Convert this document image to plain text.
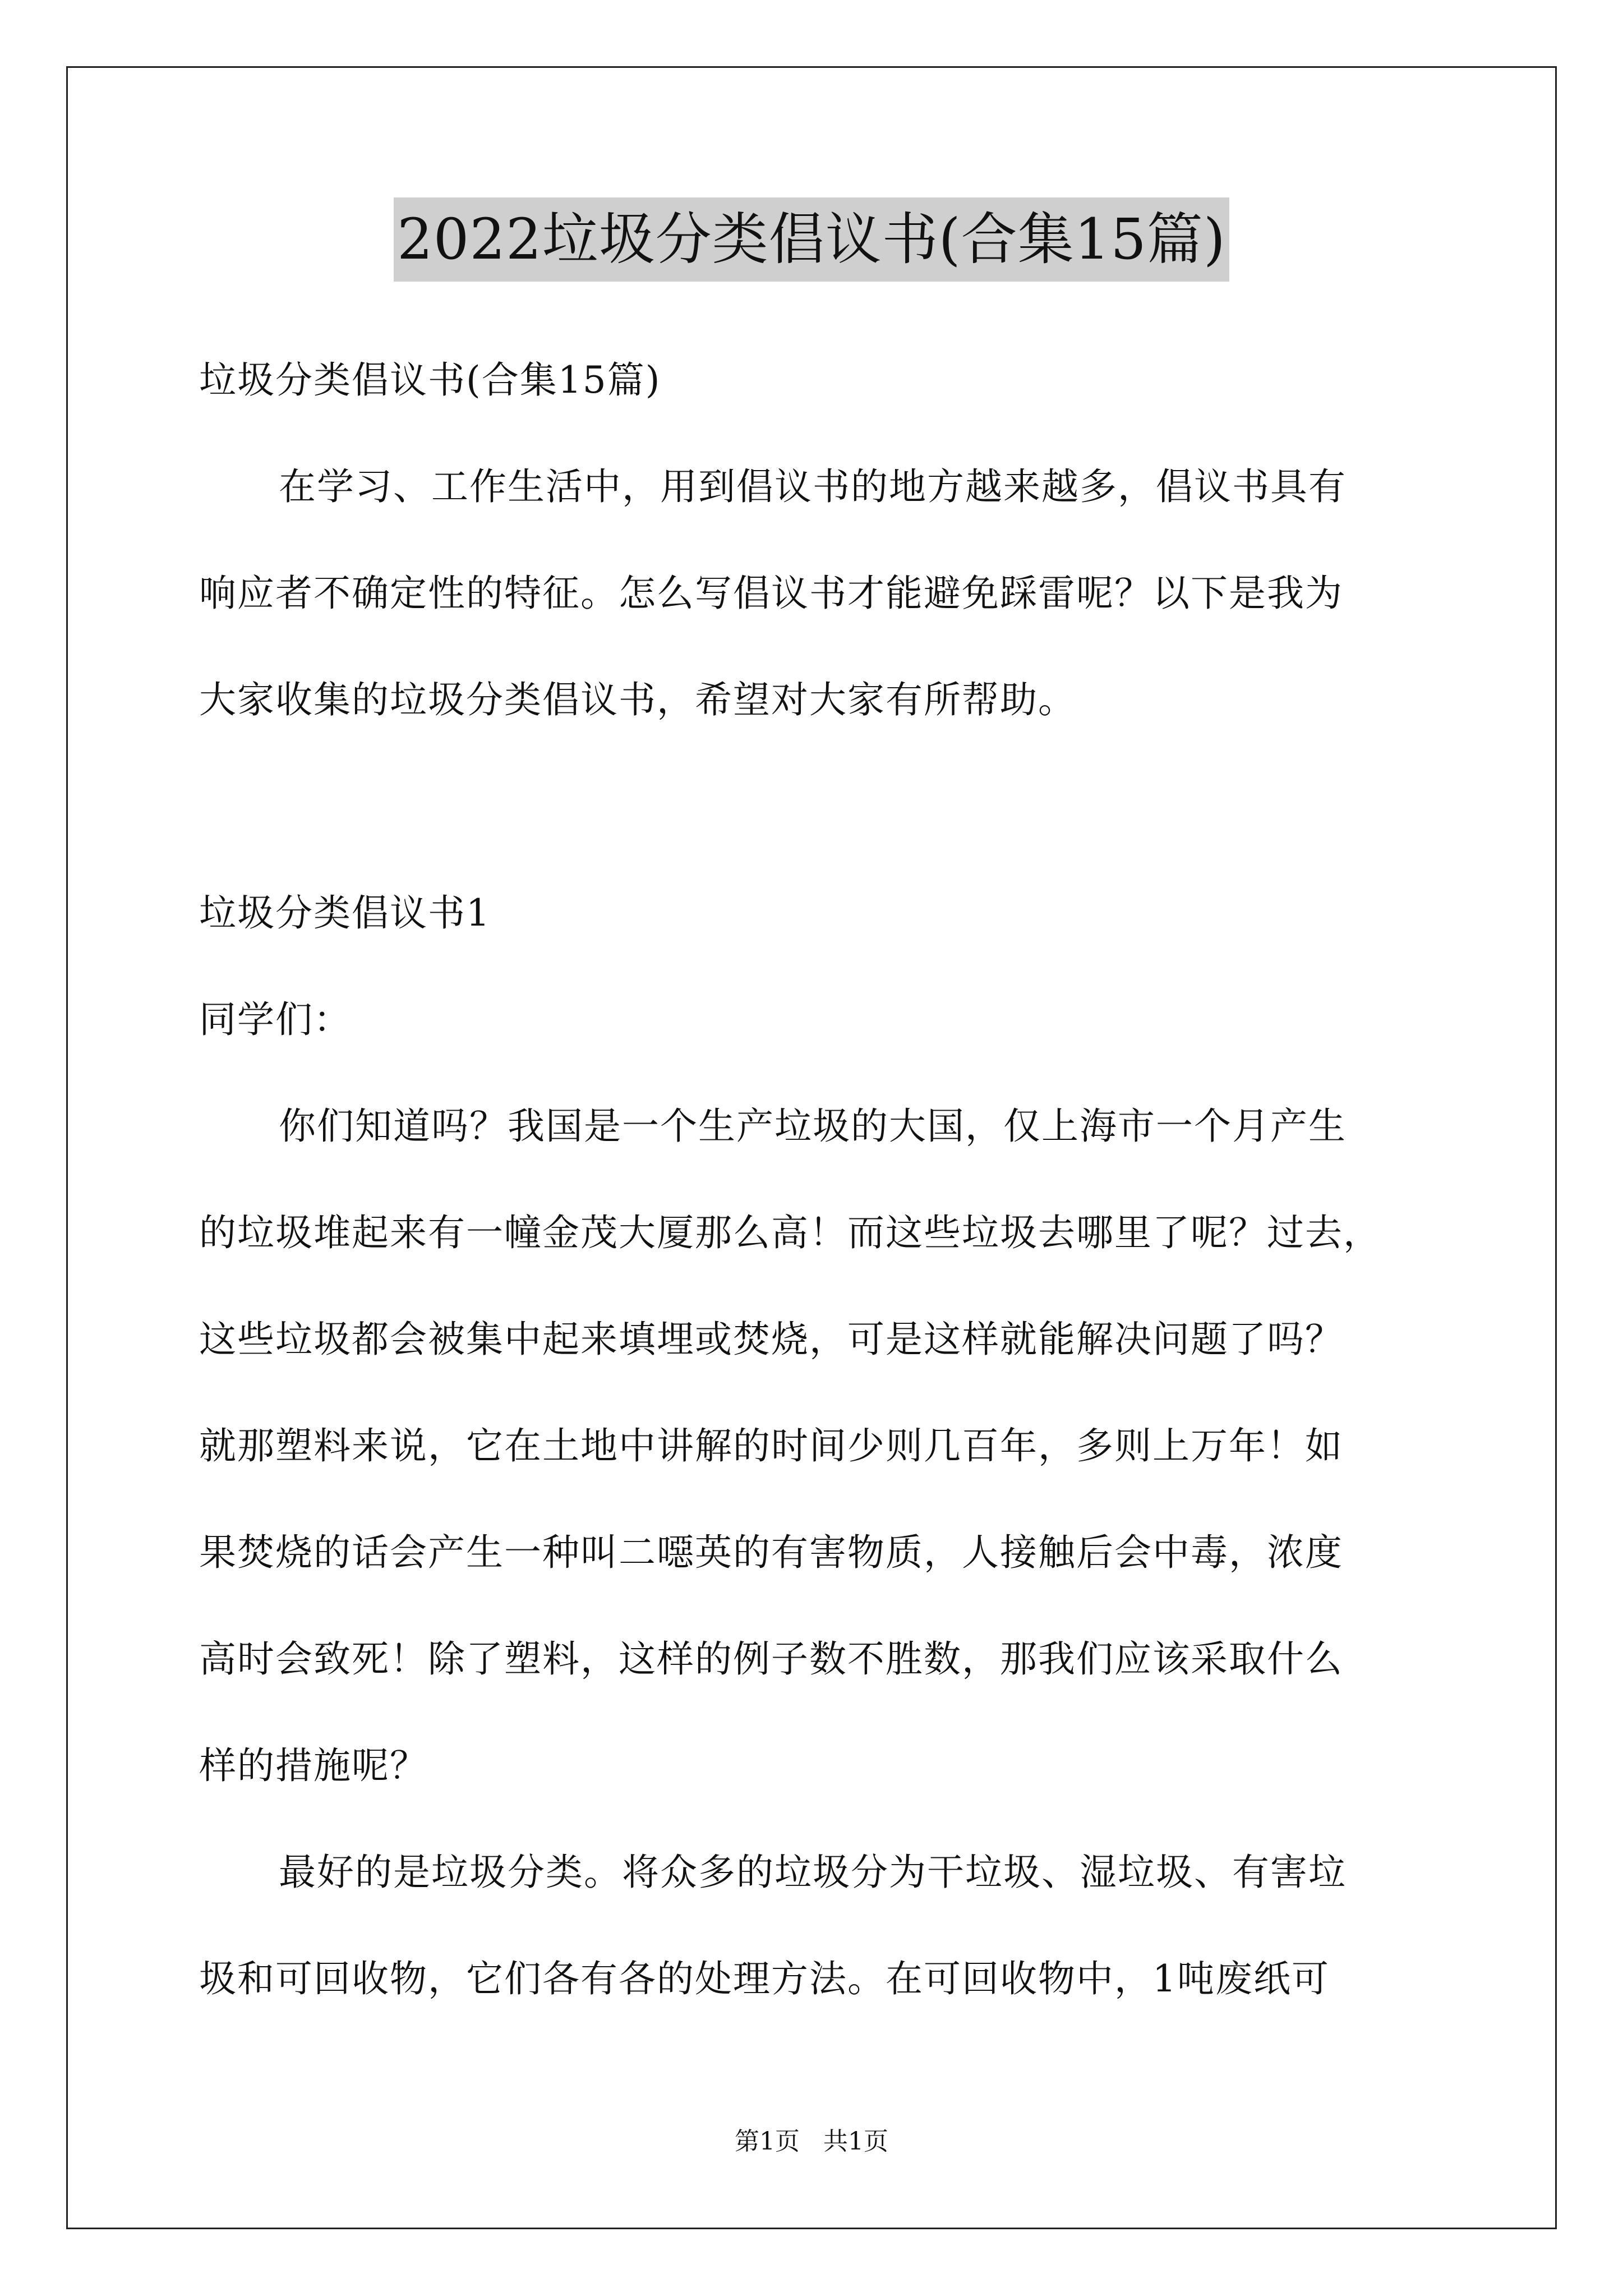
2022垃圾分类倡议书(合集15篇)
垃圾分类倡议书(合集15篇)
在学习、工作生活中，用到倡议书的地方越来越多，倡议书具有
响应者不确定性的特征。怎么写倡议书才能避免踩雷呢？以下是我为
大家收集的垃圾分类倡议书，希望对大家有所帮助。
垃圾分类倡议书1
同学们：
你们知道吗？我国是一个生产垃圾的大国，仅上海市一个月产生
的垃圾堆起来有一幢金茂大厦那么高！而这些垃圾去哪里了呢？过去，
这些垃圾都会被集中起来填埋或焚烧，可是这样就能解决问题了吗？
就那塑料来说，它在土地中讲解的时间少则几百年，多则上万年！如
果焚烧的话会产生一种叫二噁英的有害物质，人接触后会中毒，浓度
高时会致死！除了塑料，这样的例子数不胜数，那我们应该采取什么
样的措施呢？
最好的是垃圾分类。将众多的垃圾分为干垃圾、湿垃圾、有害垃
圾和可回收物，它们各有各的处理方法。在可回收物中，1吨废纸可
第1页   共1页
